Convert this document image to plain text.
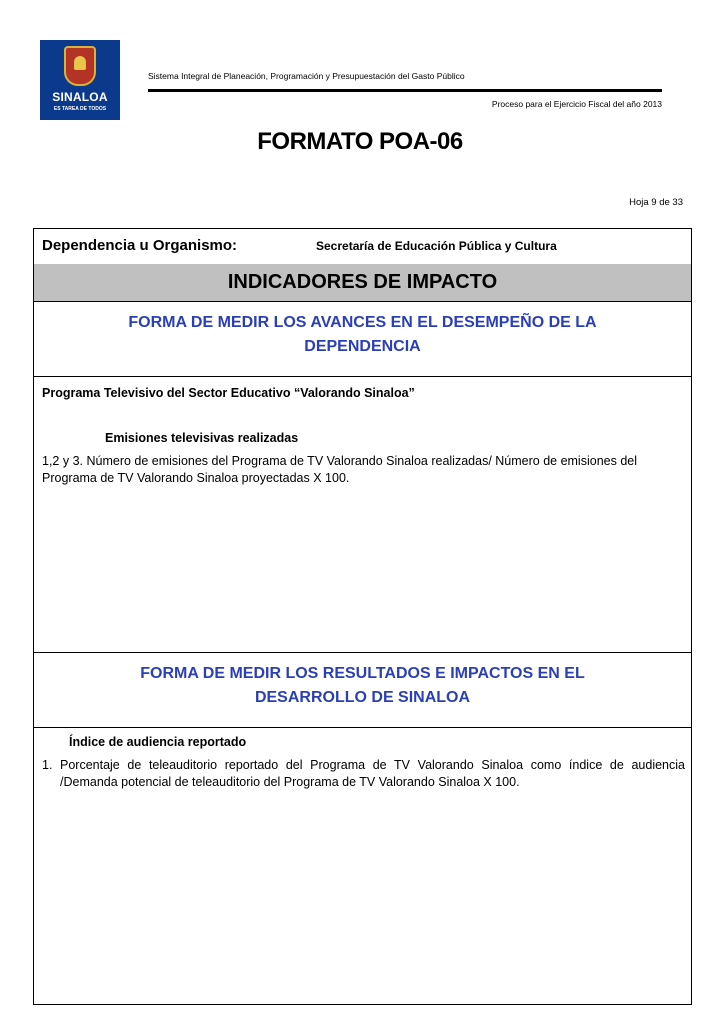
SINALOA
ES TAREA DE TODOS
Sistema Integral de Planeación, Programación y Presupuestación del Gasto Público
Proceso para el Ejercicio Fiscal del año 2013
FORMATO POA-06
Hoja 9 de 33
Dependencia u Organismo:	Secretaría de Educación Pública y Cultura
INDICADORES DE IMPACTO
FORMA DE MEDIR LOS AVANCES EN EL DESEMPEÑO DE LA
DEPENDENCIA
Programa Televisivo del Sector Educativo “Valorando Sinaloa”
Emisiones televisivas realizadas
1,2 y 3. Número de emisiones del Programa de TV Valorando Sinaloa realizadas/ Número de emisiones del Programa de TV Valorando Sinaloa proyectadas X 100.
FORMA DE MEDIR LOS RESULTADOS E IMPACTOS EN EL
DESARROLLO DE SINALOA
Índice de audiencia reportado
1. Porcentaje de teleauditorio reportado del Programa de TV Valorando Sinaloa como índice de audiencia /Demanda potencial de teleauditorio del Programa de TV Valorando Sinaloa X 100.
